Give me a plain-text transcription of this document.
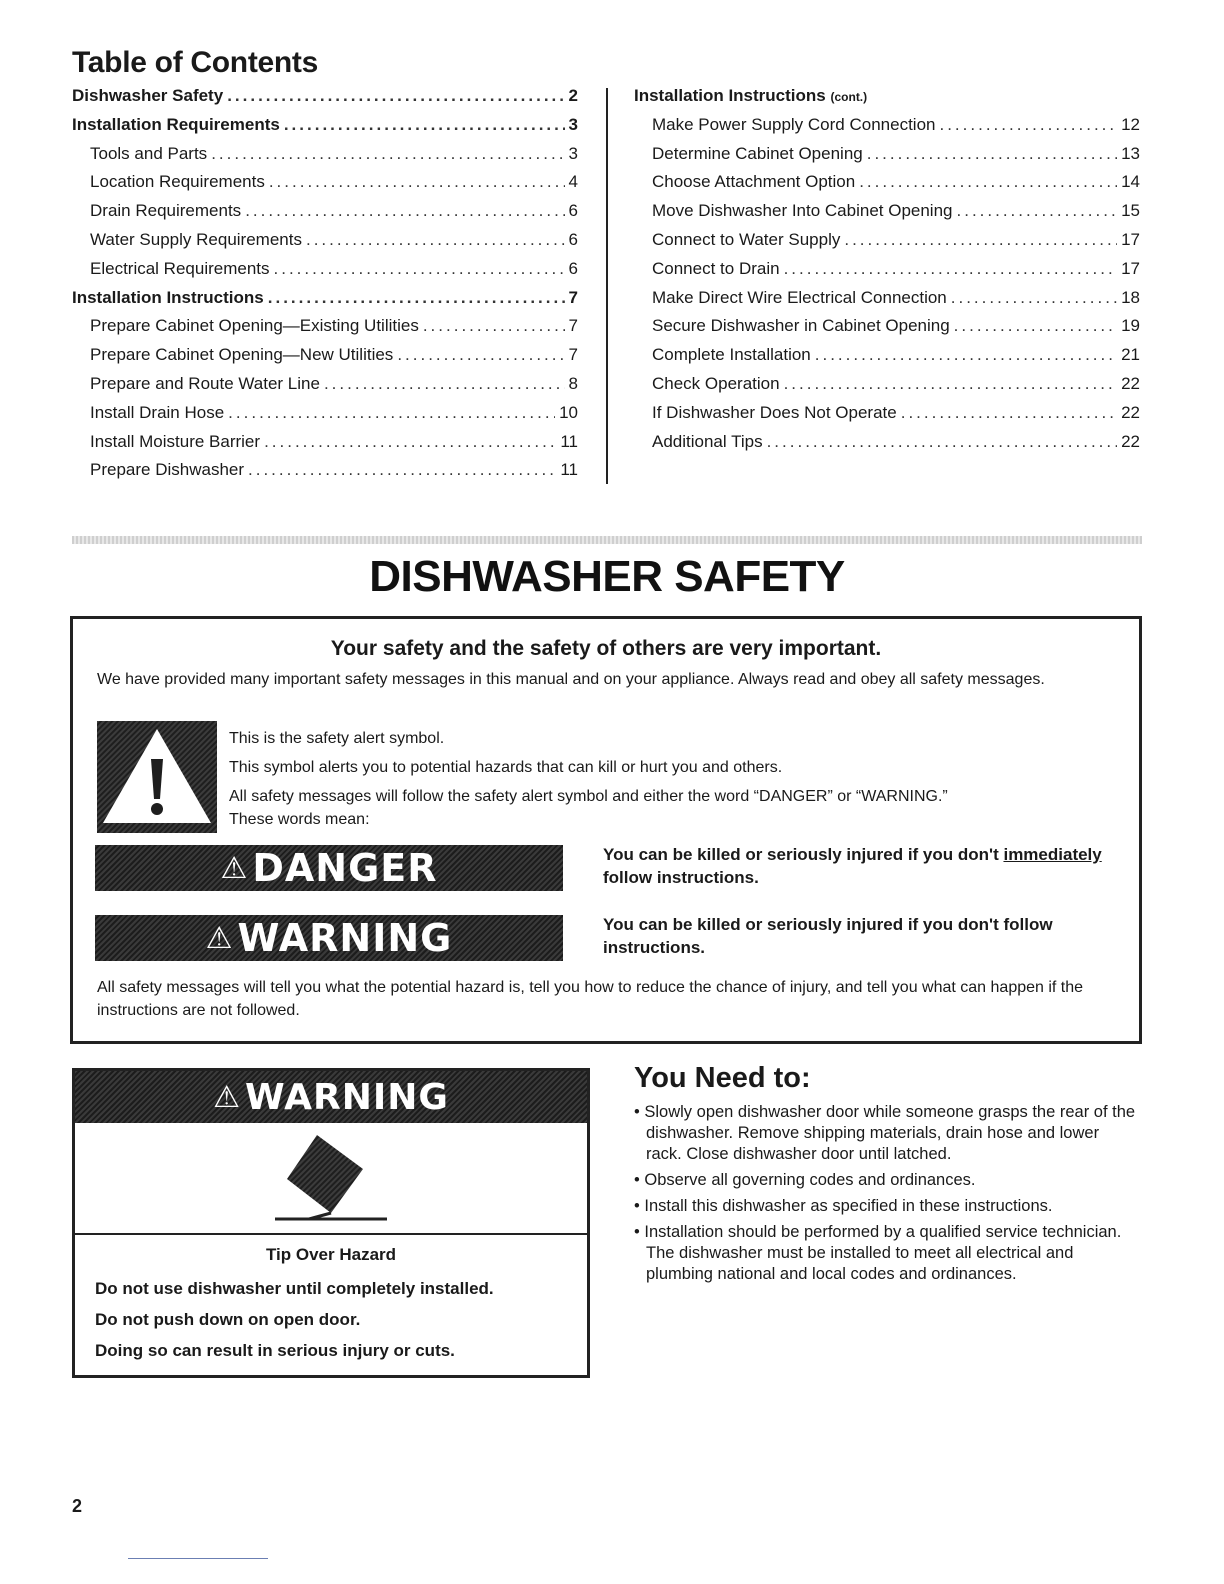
Table of Contents
Dishwasher Safety .....	2
Installation Requirements .....	3
Tools and Parts .....	3
Location Requirements .....	4
Drain Requirements .....	6
Water Supply Requirements .....	6
Electrical Requirements .....	6
Installation Instructions .....	7
Prepare Cabinet Opening—Existing Utilities .....	7
Prepare Cabinet Opening—New Utilities .....	7
Prepare and Route Water Line .....	8
Install Drain Hose .....	10
Install Moisture Barrier .....	11
Prepare Dishwasher .....	11
Installation Instructions (cont.)
Make Power Supply Cord Connection .....	12
Determine Cabinet Opening .....	13
Choose Attachment Option .....	14
Move Dishwasher Into Cabinet Opening .....	15
Connect to Water Supply .....	17
Connect to Drain .....	17
Make Direct Wire Electrical Connection .....	18
Secure Dishwasher in Cabinet Opening .....	19
Complete Installation .....	21
Check Operation .....	22
If Dishwasher Does Not Operate .....	22
Additional Tips .....	22
DISHWASHER SAFETY
Your safety and the safety of others are very important.
We have provided many important safety messages in this manual and on your appliance. Always read and obey all safety messages.

This is the safety alert symbol.

This symbol alerts you to potential hazards that can kill or hurt you and others.

All safety messages will follow the safety alert symbol and either the word “DANGER” or “WARNING.”

These words mean:

⚠ DANGER	You can be killed or seriously injured if you don't immediately
follow instructions.
⚠ WARNING	You can be killed or seriously injured if you don't follow instructions.
All safety messages will tell you what the potential hazard is, tell you how to reduce the chance of injury, and tell you what can happen if the instructions are not followed.
⚠ WARNING
Tip Over Hazard
Do not use dishwasher until completely installed.
Do not push down on open door.
Doing so can result in serious injury or cuts.
You Need to:
• Slowly open dishwasher door while someone grasps the rear of the dishwasher. Remove shipping materials, drain hose and lower rack. Close dishwasher door until latched.
• Observe all governing codes and ordinances.
• Install this dishwasher as specified in these instructions.
• Installation should be performed by a qualified service technician. The dishwasher must be installed to meet all electrical and plumbing national and local codes and ordinances.
2
